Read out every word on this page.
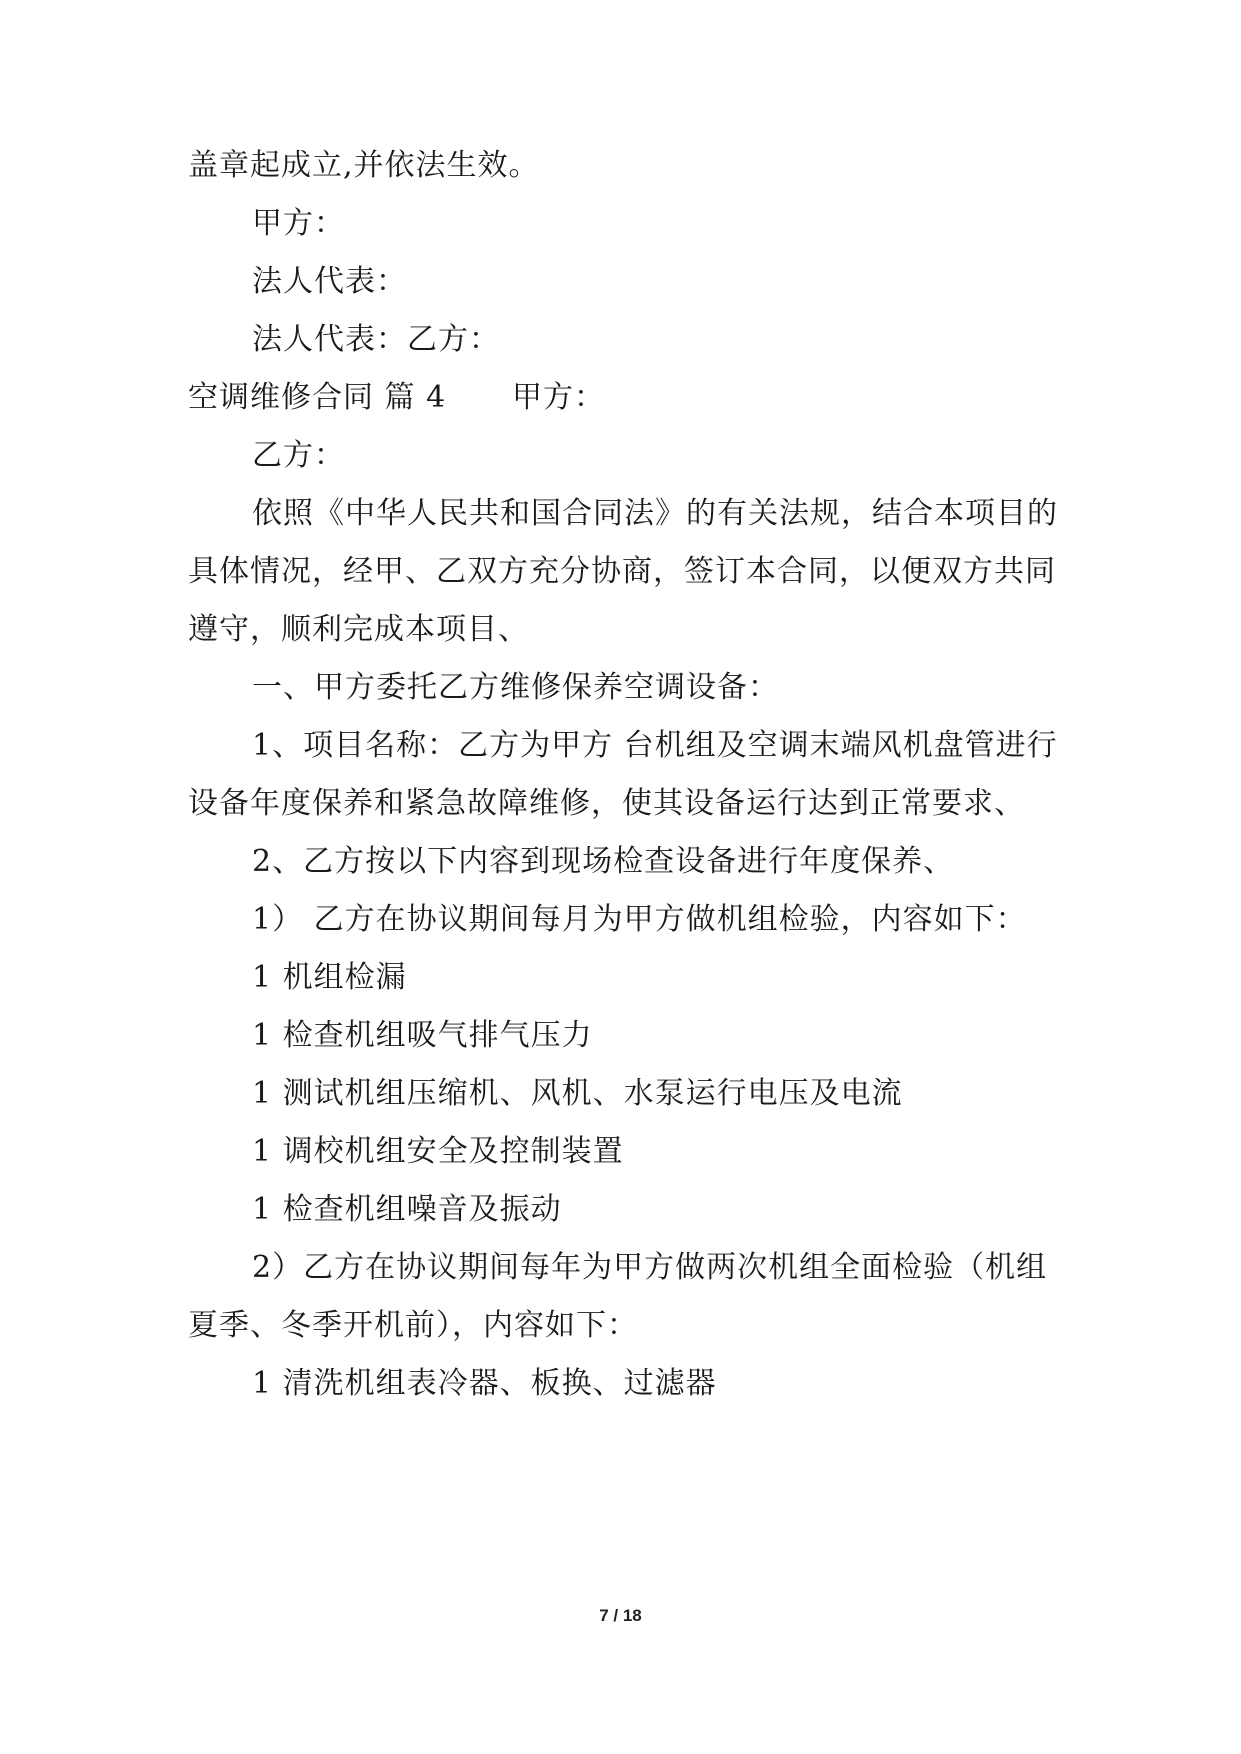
盖章起成立,并依法生效。
甲方：
法人代表：
法人代表：乙方：
空调维修合同 篇 4 甲方：
乙方：
依照《中华人民共和国合同法》的有关法规，结合本项目的
具体情况，经甲、乙双方充分协商，签订本合同，以便双方共同
遵守，顺利完成本项目、
一、甲方委托乙方维修保养空调设备：
1、项目名称：乙方为甲方 台机组及空调末端风机盘管进行
设备年度保养和紧急故障维修，使其设备运行达到正常要求、
2、乙方按以下内容到现场检查设备进行年度保养、
1） 乙方在协议期间每月为甲方做机组检验，内容如下：
1 机组检漏
1 检查机组吸气排气压力
1 测试机组压缩机、风机、水泵运行电压及电流
1 调校机组安全及控制装置
1 检查机组噪音及振动
2）乙方在协议期间每年为甲方做两次机组全面检验（机组
夏季、冬季开机前），内容如下：
1 清洗机组表冷器、板换、过滤器
7 / 18
